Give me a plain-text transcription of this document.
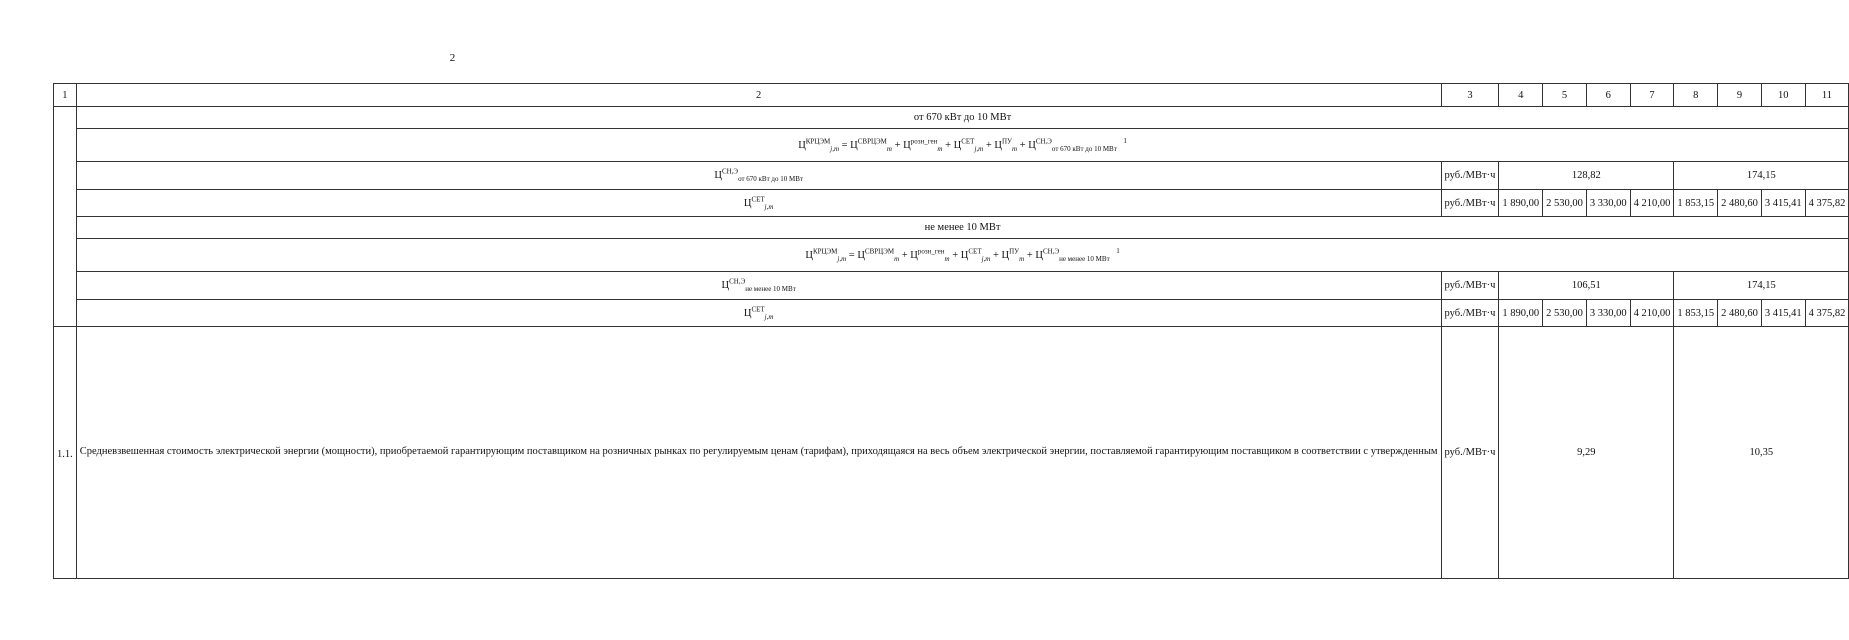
2
1	2	3	4	5	6	7	8	9	10	11
	от 670 кВт до 10 МВт									
	$Ц^{КРЦЭМ}_{j,m} = Ц^{СВРЦЭМ}_m + Ц^{розн\_ген}_m + Ц^{СЕТ}_{j,m} + Ц^{ПУ}_m + Ц^{СН,Э}_{от 670 кВт до 10 МВт}$ $^1$
	$Ц^{СН,Э}_{от 670 кВт до 10 МВт}$	руб./МВт·ч	128,82				174,15			
	$Ц^{СЕТ}_{j,m}$	руб./МВт·ч	1 890,00	2 530,00	3 330,00	4 210,00	1 853,15	2 480,60	3 415,41	4 375,82
	не менее 10 МВт									
	$Ц^{КРЦЭМ}_{j,m} = Ц^{СВРЦЭМ}_m + Ц^{розн\_ген}_m + Ц^{СЕТ}_{j,m} + Ц^{ПУ}_m + Ц^{СН,Э}_{не менее 10 МВт}$ $^1$
	$Ц^{СН,Э}_{не менее 10 МВт}$	руб./МВт·ч	106,51				174,15			
	$Ц^{СЕТ}_{j,m}$	руб./МВт·ч	1 890,00	2 530,00	3 330,00	4 210,00	1 853,15	2 480,60	3 415,41	4 375,82
1.1.	Средневзвешенная стоимость электрической энергии (мощности), приобретаемой гарантирующим поставщиком на розничных рынках по регулируемым ценам (тарифам), приходящаяся на весь объем электрической энергии, поставляемой гарантирующим поставщиком в соответствии с утвержденным	руб./МВт·ч	9,29				10,35			
